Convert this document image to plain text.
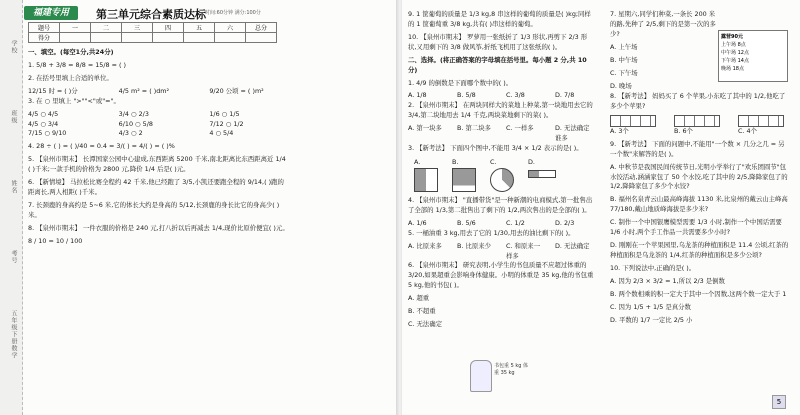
学校
班级
姓名
考号
五年级下册数学
福建专用	第三单元综合素质达标 时间:60分钟 满分:100分
题号	一	二	三	四	五	六	总分
得分							

一、填空。(每空1分,共24分)

1. 5/8 + 3/8 = 8/8 = 15/8 = ( )

2. 在括号里填上合适的单位。

12/15 时 = ( )分	4/5 m² = ( )dm²	9/20 公顷 = ( )m²

3. 在 ○ 里填上 ">""<"或"="。

4/5 ○ 4/5	3/4 ○ 2/3	1/6 ○ 1/5
4/5 ○ 3/4	6/10 ○ 5/8	7/12 ○ 1/2
7/15 ○ 9/10	4/3 ○ 2	4 ○ 5/4

4. 28 ÷ ( ) = ( )/40 = 0.4 = 3/( ) = 4/( ) = ( )%

5. 【泉州市期末】 长潭国家公园中心建成,东西距离 5200 千米,南北距离比东西距离近 1/4 ( )千米;一款手机的价格为 2800 元,降价 1/4 后是( )元。

6. 【新情境】 马拉松比赛全程约 42 千米,他已经跑了 3/5,小凯还要跑全程的 9/14,( )跑的距离长,两人相距( )千米。

7. 长颈鹿的身高约是 5~6 米,它的体长大约是身高的 5/12,长颈鹿的身长比它的身高少( )米。

8. 【泉州市期末】 一件衣服的价格是 240 元,打八折以后再减去 1/4,现价比原价便宜( )元。

8 / 10 = 10 / 100

9. 1 筐葡萄的质量是 1/3 kg,8 串这样的葡萄的质量是( )kg;同样的 1 筐葡萄重 3/8 kg,共有( )串这样的葡萄。

10. 【泉州市期末】 罗萝用一张纸折了 1/3 形状,再剪下 2/3 形状,又用剩下的 3/8 做风筝,折纸飞机用了这张纸的( )。

二、选择。(将正确答案的字母填在括号里。每小题 2 分,共 10 分)

1. 4/9 的倒数是下面哪个数中的( )。

A. 1/8	B. 5/8	C. 3/8	D. 7/8

2. 【泉州市期末】 在两块同样大的菜地上种菜,第一块地用去它的 3/4,第二块地用去 1/4 千克,两块菜地剩下的菜( )。

A. 第一块多	B. 第二块多	C. 一样多	D. 无法确定谁多

3. 【新考法】 下面四个图中,不能用 3/4 × 1/2 表示的是( )。

A.	B.	C.	D.

4. 【泉州市期末】 "直播带货"是一种新潮的电商模式,第一批售出了全部的 1/3,第二批售出了剩下的 1/2,两次售出的是全部的( )。

A. 1/6	B. 5/6	C. 1/2	D. 2/3

5. 一桶油重 3 kg,用去了它的 1/30,用去的油比剩下的( )。

A. 比原来多	B. 比原来少	C. 和原来一样多
D. 无法确定

6. 【泉州市期末】 研究表明,小学生的书包质量不应超过体重的 3/20,如果超重会影响身体健康。小明的体重是 35 kg,他的书包重 5 kg,他的书包( )。

A. 超重

B. 不超重

C. 无法确定

7. 星期六,同学们种菜,一条长 200 米的路,先种了 2/5,剩下的是第一次的多少?

A. 上午场

B. 中午场

C. 下午场

D. 晚场

露营90元
上午场 8点
中午场 12点
下午场 14点
晚场 18点

8. 【新考法】 妈妈买了 6 个苹果,小东吃了其中的 1/2,他吃了多少个苹果?

A. 3个	B. 6个	C. 4个

9. 【新考法】 下面的问题中,不能用"一个数 × 几分之几 = 另一个数"来解答的是( )。

A. 中秋节是我国民间传统节日,光明小学举行了"欢乐团圆节"包水饺活动,涵涵家包了 50 个水饺,吃了其中的 2/5,降降家包了的 1/2,降降家包了多少个水饺?

B. 福州名泉青云山最高峰海拔 1130 米,比泉州的戴云山主峰高 77/180,戴山地质峰海拔是多少米?

C. 制作一个中国银鹰模型需要 1/3 小时,制作一个中国话需要 1/6 小时,两个手工作品一共需要多少小时?

D. 刚刚在一个苹果园里,乌龙茶的种植面积是 11.4 公顷,红茶的种植面积是乌龙茶的 1/4,红茶的种植面积是多少公顷?

10. 下列说法中,正确的是( )。

A. 因为 2/3 × 3/2 = 1,所以 2/3 是倒数

B. 两个数相乘的积一定大于其中一个因数,这两个数一定大于 1

C. 因为 1/5 + 1/5 是真分数

D. 平数的 1/7 一定比 2/5 小

5
书包重 5 kg 体重 35 kg
